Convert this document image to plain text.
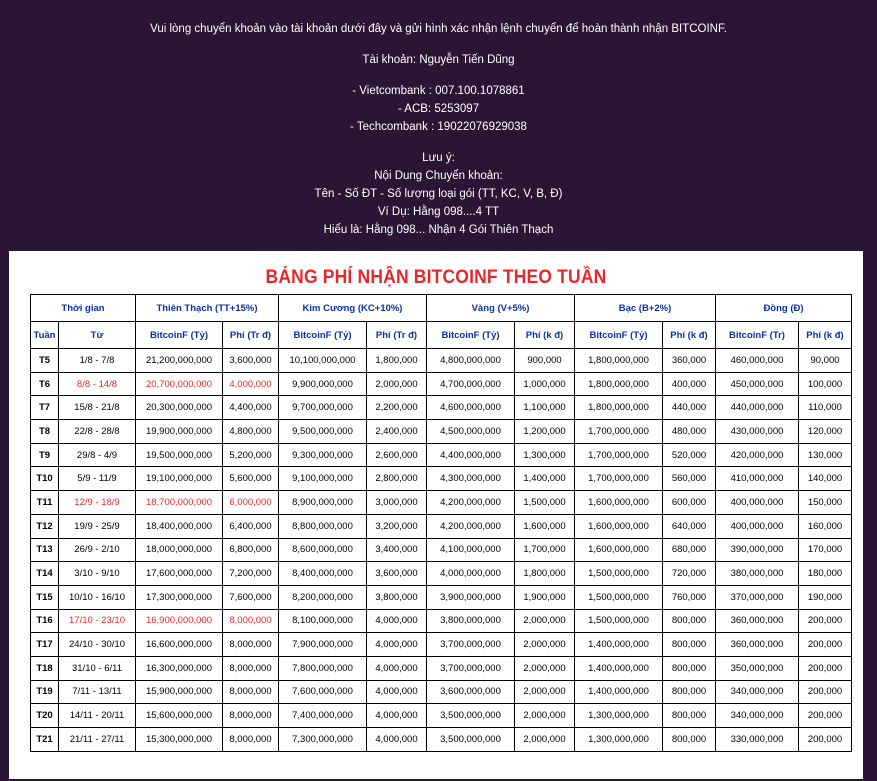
Vui lòng chuyển khoản vào tài khoản dưới đây và gửi hình xác nhận lệnh chuyển để hoàn thành nhận BITCOINF.
Tài khoản: Nguyễn Tiến Dũng
- Vietcombank : 007.100.1078861
- ACB: 5253097
- Techcombank : 19022076929038
Lưu ý:
Nội Dung Chuyển khoản:
Tên - Số ĐT - Số lượng loại gói (TT, KC, V, B, Đ)
Ví Dụ: Hằng 098....4 TT
Hiểu là: Hằng 098... Nhận 4 Gói Thiên Thạch
BẢNG PHÍ NHẬN BITCOINF THEO TUẦN
Thời gian		Thiên Thạch (TT+15%)		Kim Cương (KC+10%)		Vàng (V+5%)		Bạc (B+2%)		Đồng (Đ)	
Tuần	Từ	BitcoinF (Tỷ)	Phí (Tr đ)	BitcoinF (Tỷ)	Phí (Tr đ)	BitcoinF (Tỷ)	Phí (k đ)	BitcoinF (Tỷ)	Phí (k đ)	BitcoinF (Tr)	Phí (k đ)
T5	1/8 - 7/8	21,200,000,000	3,600,000	10,100,000,000	1,800,000	4,800,000,000	900,000	1,800,000,000	360,000	460,000,000	90,000
T6	8/8 - 14/8	20,700,000,000	4,000,000	9,900,000,000	2,000,000	4,700,000,000	1,000,000	1,800,000,000	400,000	450,000,000	100,000
T7	15/8 - 21/8	20,300,000,000	4,400,000	9,700,000,000	2,200,000	4,600,000,000	1,100,000	1,800,000,000	440,000	440,000,000	110,000
T8	22/8 - 28/8	19,900,000,000	4,800,000	9,500,000,000	2,400,000	4,500,000,000	1,200,000	1,700,000,000	480,000	430,000,000	120,000
T9	29/8 - 4/9	19,500,000,000	5,200,000	9,300,000,000	2,600,000	4,400,000,000	1,300,000	1,700,000,000	520,000	420,000,000	130,000
T10	5/9 - 11/9	19,100,000,000	5,600,000	9,100,000,000	2,800,000	4,300,000,000	1,400,000	1,700,000,000	560,000	410,000,000	140,000
T11	12/9 - 18/9	18,700,000,000	6,000,000	8,900,000,000	3,000,000	4,200,000,000	1,500,000	1,600,000,000	600,000	400,000,000	150,000
T12	19/9 - 25/9	18,400,000,000	6,400,000	8,800,000,000	3,200,000	4,200,000,000	1,600,000	1,600,000,000	640,000	400,000,000	160,000
T13	26/9 - 2/10	18,000,000,000	6,800,000	8,600,000,000	3,400,000	4,100,000,000	1,700,000	1,600,000,000	680,000	390,000,000	170,000
T14	3/10 - 9/10	17,600,000,000	7,200,000	8,400,000,000	3,600,000	4,000,000,000	1,800,000	1,500,000,000	720,000	380,000,000	180,000
T15	10/10 - 16/10	17,300,000,000	7,600,000	8,200,000,000	3,800,000	3,900,000,000	1,900,000	1,500,000,000	760,000	370,000,000	190,000
T16	17/10 - 23/10	16,900,000,000	8,000,000	8,100,000,000	4,000,000	3,800,000,000	2,000,000	1,500,000,000	800,000	360,000,000	200,000
T17	24/10 - 30/10	16,600,000,000	8,000,000	7,900,000,000	4,000,000	3,700,000,000	2,000,000	1,400,000,000	800,000	360,000,000	200,000
T18	31/10 - 6/11	16,300,000,000	8,000,000	7,800,000,000	4,000,000	3,700,000,000	2,000,000	1,400,000,000	800,000	350,000,000	200,000
T19	7/11 - 13/11	15,900,000,000	8,000,000	7,600,000,000	4,000,000	3,600,000,000	2,000,000	1,400,000,000	800,000	340,000,000	200,000
T20	14/11 - 20/11	15,600,000,000	8,000,000	7,400,000,000	4,000,000	3,500,000,000	2,000,000	1,300,000,000	800,000	340,000,000	200,000
T21	21/11 - 27/11	15,300,000,000	8,000,000	7,300,000,000	4,000,000	3,500,000,000	2,000,000	1,300,000,000	800,000	330,000,000	200,000
